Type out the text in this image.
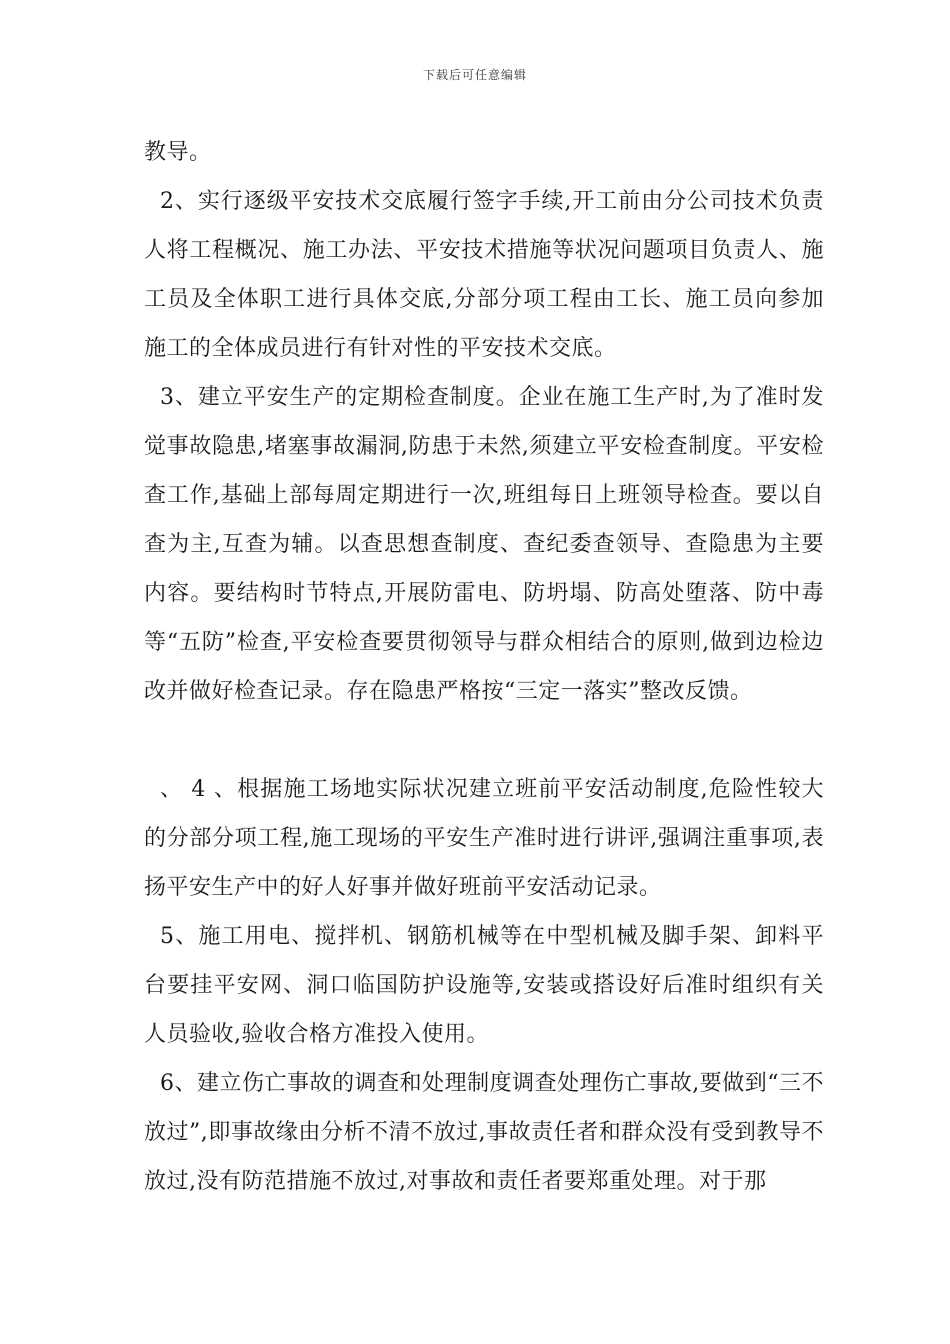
下载后可任意编辑

教导。

2、实行逐级平安技术交底履行签字手续,开工前由分公司技术负责人将工程概况、施工办法、平安技术措施等状况问题项目负责人、施工员及全体职工进行具体交底,分部分项工程由工长、施工员向参加施工的全体成员进行有针对性的平安技术交底。

3、建立平安生产的定期检查制度。企业在施工生产时,为了准时发觉事故隐患,堵塞事故漏洞,防患于未然,须建立平安检查制度。平安检查工作,基础上部每周定期进行一次,班组每日上班领导检查。要以自查为主,互查为辅。以查思想查制度、查纪委查领导、查隐患为主要内容。要结构时节特点,开展防雷电、防坍塌、防高处堕落、防中毒等“五防”检查,平安检查要贯彻领导与群众相结合的原则,做到边检边改并做好检查记录。存在隐患严格按“三定一落实”整改反馈。

、 4 、根据施工场地实际状况建立班前平安活动制度,危险性较大的分部分项工程,施工现场的平安生产准时进行讲评,强调注重事项,表扬平安生产中的好人好事并做好班前平安活动记录。

5、施工用电、搅拌机、钢筋机械等在中型机械及脚手架、卸料平台要挂平安网、洞口临国防护设施等,安装或搭设好后准时组织有关人员验收,验收合格方准投入使用。

6、建立伤亡事故的调查和处理制度调查处理伤亡事故,要做到“三不放过”,即事故缘由分析不清不放过,事故责任者和群众没有受到教导不放过,没有防范措施不放过,对事故和责任者要郑重处理。对于那
